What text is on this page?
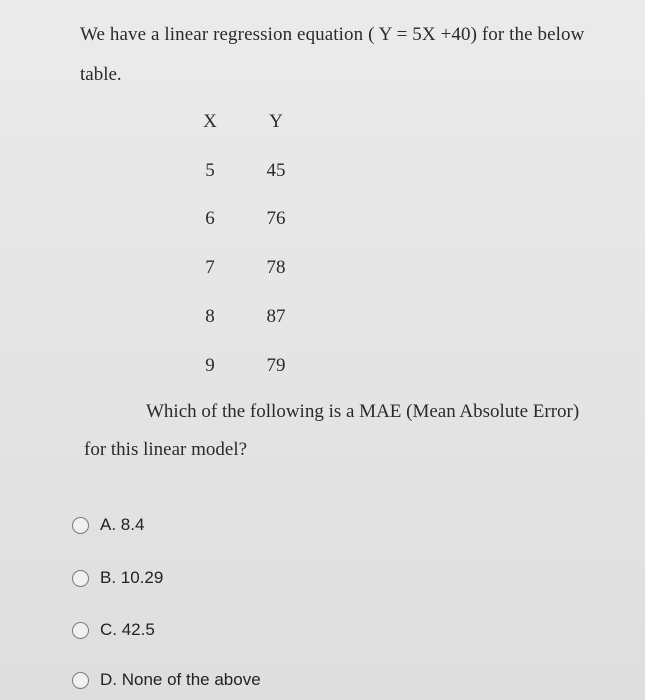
We have a linear regression equation ( Y = 5X +40) for the below
table.
X	Y
5	45
6	76
7	78
8	87
9	79
Which of the following is a MAE (Mean Absolute Error)
for this linear model?
A. 8.4
B. 10.29
C. 42.5
D. None of the above
